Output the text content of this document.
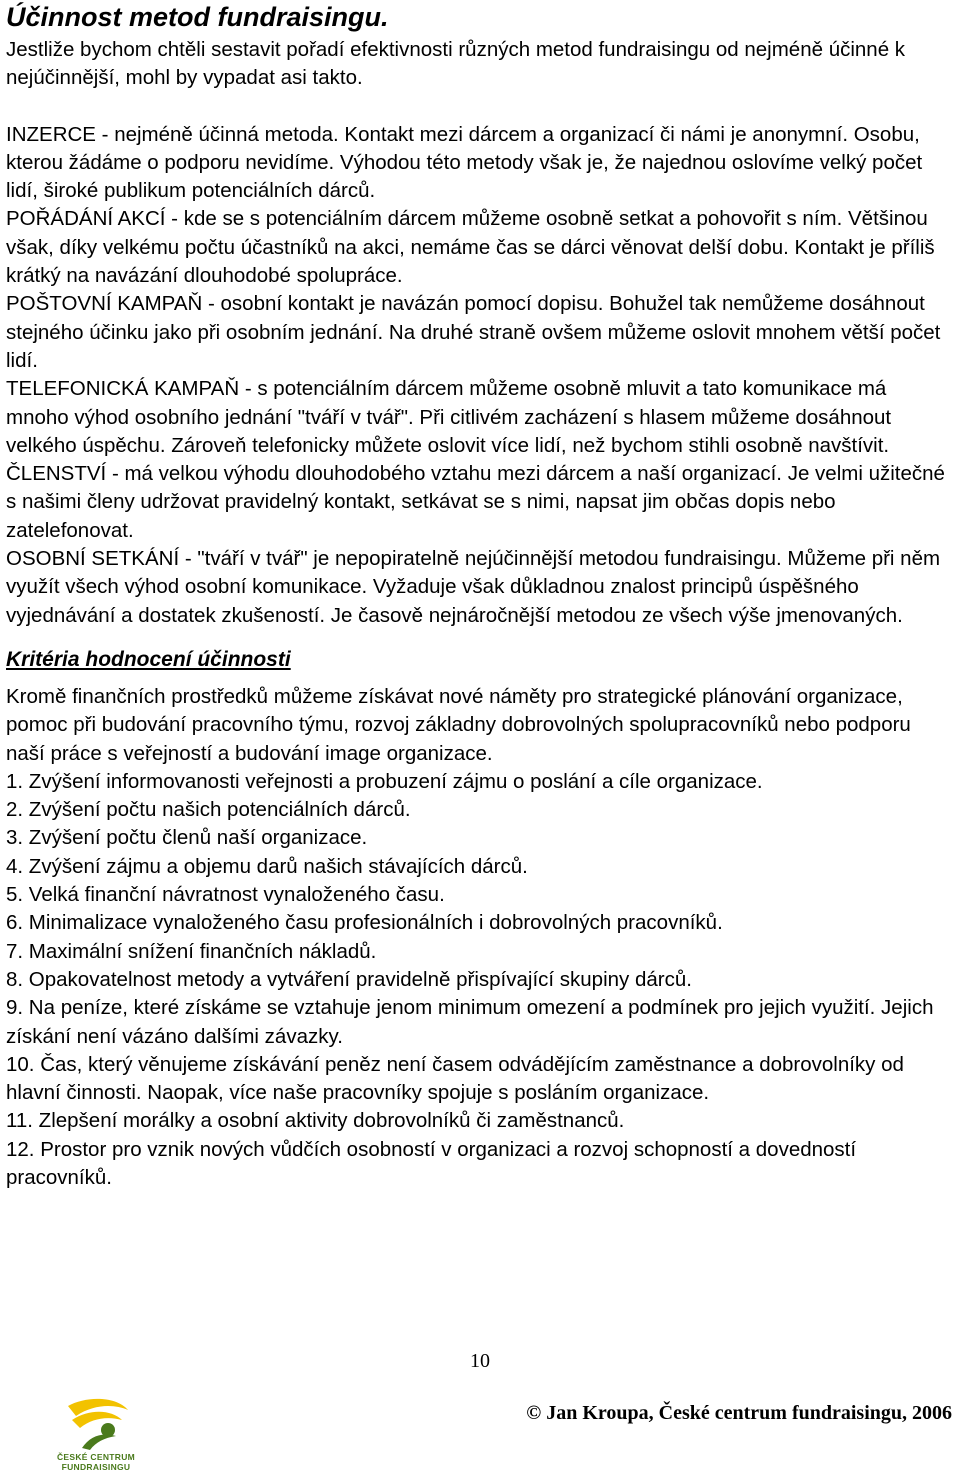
Účinnost metod fundraisingu.

Jestliže bychom chtěli sestavit pořadí efektivnosti různých metod fundraisingu od nejméně účinné k nejúčinnější, mohl by vypadat asi takto.

INZERCE - nejméně účinná metoda. Kontakt mezi dárcem a organizací či námi je anonymní. Osobu, kterou žádáme o podporu nevidíme. Výhodou této metody však je, že najednou oslovíme velký počet lidí, široké publikum potenciálních dárců.

POŘÁDÁNÍ AKCÍ - kde se s potenciálním dárcem můžeme osobně setkat a pohovořit s ním. Většinou však, díky velkému počtu účastníků na akci, nemáme čas se dárci věnovat delší dobu. Kontakt je příliš krátký na navázání dlouhodobé spolupráce.

POŠTOVNÍ KAMPAŇ - osobní kontakt je navázán pomocí dopisu. Bohužel tak nemůžeme dosáhnout stejného účinku jako při osobním jednání. Na druhé straně ovšem můžeme oslovit mnohem větší počet lidí.

TELEFONICKÁ KAMPAŇ - s potenciálním dárcem můžeme osobně mluvit a tato komunikace má mnoho výhod osobního jednání "tváří v tvář". Při citlivém zacházení s hlasem můžeme dosáhnout velkého úspěchu. Zároveň telefonicky můžete oslovit více lidí, než bychom stihli osobně navštívit.

ČLENSTVÍ - má velkou výhodu dlouhodobého vztahu mezi dárcem a naší organizací. Je velmi užitečné s našimi členy udržovat pravidelný kontakt, setkávat se s nimi, napsat jim občas dopis nebo zatelefonovat.

OSOBNÍ SETKÁNÍ - "tváří v tvář" je nepopiratelně nejúčinnější metodou fundraisingu. Můžeme při něm využít všech výhod osobní komunikace. Vyžaduje však důkladnou znalost principů úspěšného vyjednávání a dostatek zkušeností. Je časově nejnáročnější metodou ze všech výše jmenovaných.

Kritéria hodnocení účinnosti

Kromě finančních prostředků můžeme získávat nové náměty pro strategické plánování organizace, pomoc při budování pracovního týmu, rozvoj základny dobrovolných spolupracovníků nebo podporu naší práce s veřejností a budování image organizace.

1. Zvýšení informovanosti veřejnosti a probuzení zájmu o poslání a cíle organizace.
2. Zvýšení počtu našich potenciálních dárců.
3. Zvýšení počtu členů naší organizace.
4. Zvýšení zájmu a objemu darů našich stávajících dárců.
5. Velká finanční návratnost vynaloženého času.
6. Minimalizace vynaloženého času profesionálních i dobrovolných pracovníků.
7. Maximální snížení finančních nákladů.
8. Opakovatelnost metody a vytváření pravidelně přispívající skupiny dárců.
9. Na peníze, které získáme se vztahuje jenom minimum omezení a podmínek pro jejich využití. Jejich získání není vázáno dalšími závazky.
10. Čas, který věnujeme získávání peněz není časem odvádějícím zaměstnance a dobrovolníky od hlavní činnosti. Naopak, více naše pracovníky spojuje s posláním organizace.
11. Zlepšení morálky a osobní aktivity dobrovolníků či zaměstnanců.
12. Prostor pro vznik nových vůdčích osobností v organizaci a rozvoj schopností a dovedností pracovníků.
10
ČESKÉ CENTRUM
FUNDRAISINGU
© Jan Kroupa, České centrum fundraisingu, 2006
